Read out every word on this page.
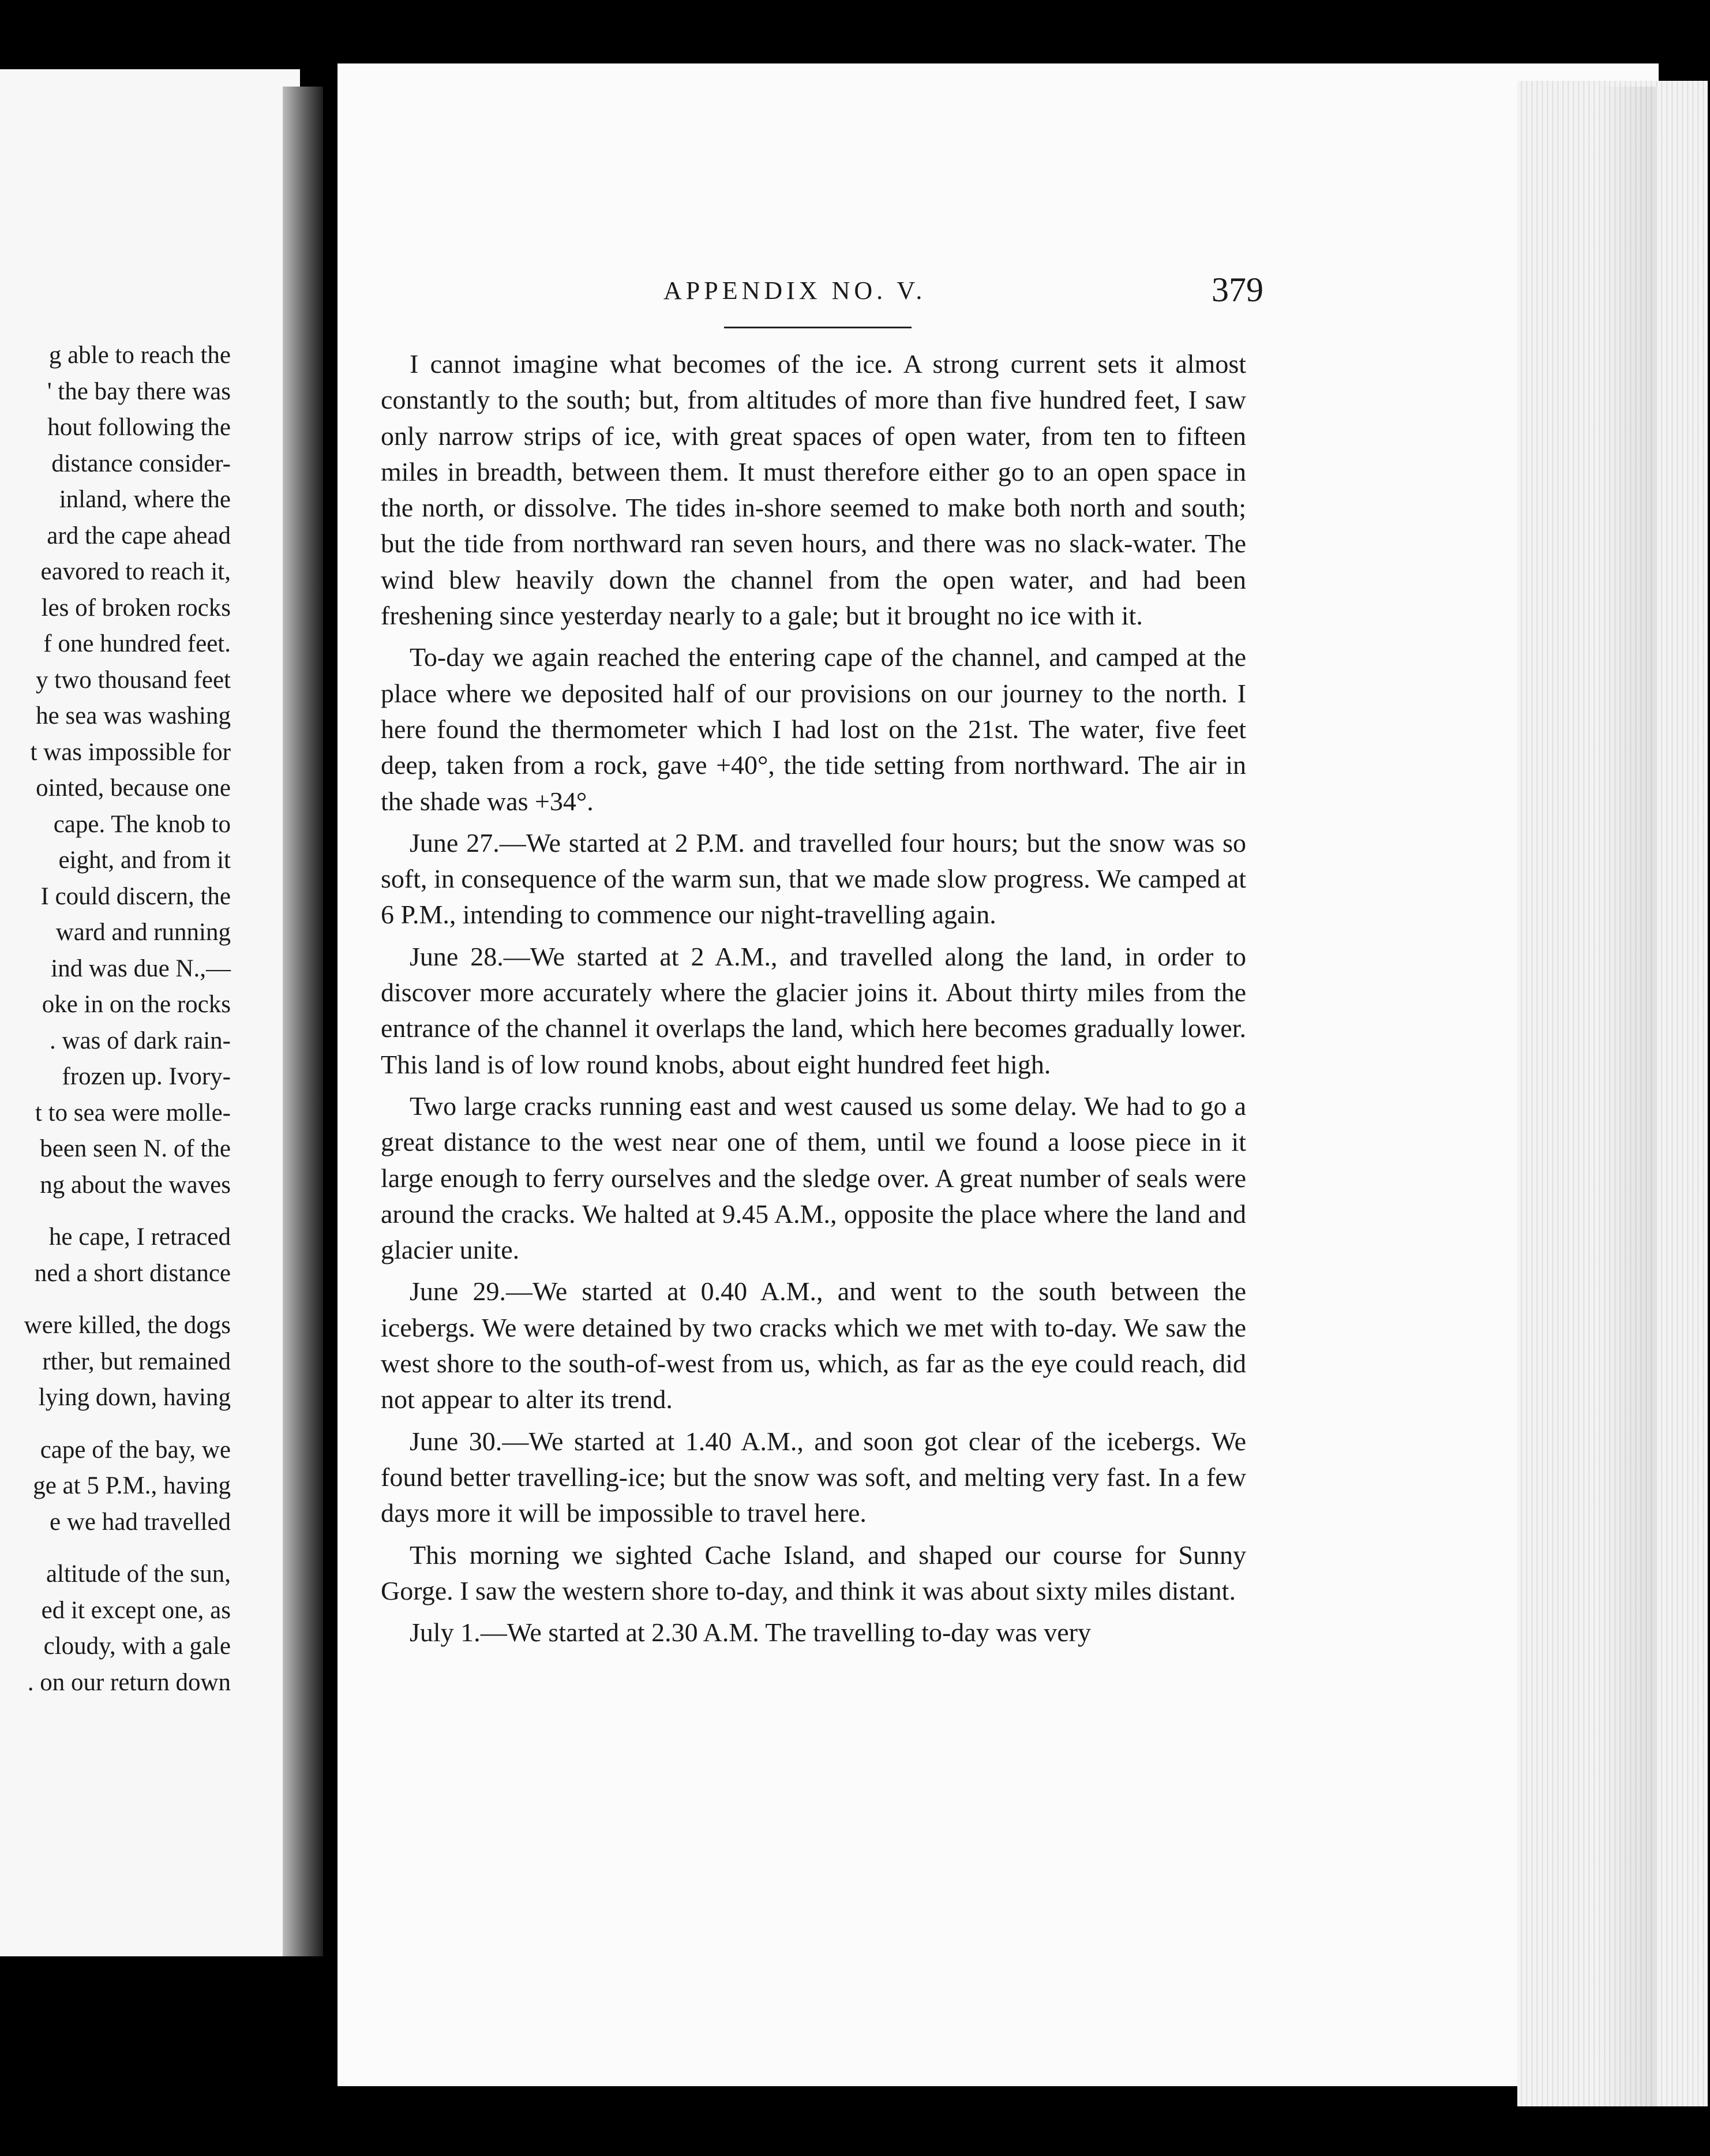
g able to reach the
' the bay there was
hout following the
distance consider-
inland, where the
ard the cape ahead
eavored to reach it,
les of broken rocks
f one hundred feet.
y two thousand feet
he sea was washing
t was impossible for
ointed, because one
cape. The knob to
eight, and from it
I could discern, the
ward and running
ind was due N.,—
oke in on the rocks
. was of dark rain-
frozen up. Ivory-
t to sea were molle-
been seen N. of the
ng about the waves
he cape, I retraced
ned a short distance
were killed, the dogs
rther, but remained
lying down, having
cape of the bay, we
ge at 5 P.M., having
e we had travelled
altitude of the sun,
ed it except one, as
cloudy, with a gale
. on our return down
APPENDIX NO. V.	379

I cannot imagine what becomes of the ice. A strong current sets it almost constantly to the south; but, from altitudes of more than five hundred feet, I saw only narrow strips of ice, with great spaces of open water, from ten to fifteen miles in breadth, between them. It must therefore either go to an open space in the north, or dissolve. The tides in-shore seemed to make both north and south; but the tide from northward ran seven hours, and there was no slack-water. The wind blew heavily down the channel from the open water, and had been freshening since yesterday nearly to a gale; but it brought no ice with it.

To-day we again reached the entering cape of the channel, and camped at the place where we deposited half of our provisions on our journey to the north. I here found the thermometer which I had lost on the 21st. The water, five feet deep, taken from a rock, gave +40°, the tide setting from northward. The air in the shade was +34°.

June 27.—We started at 2 P.M. and travelled four hours; but the snow was so soft, in consequence of the warm sun, that we made slow progress. We camped at 6 P.M., intending to commence our night-travelling again.

June 28.—We started at 2 A.M., and travelled along the land, in order to discover more accurately where the glacier joins it. About thirty miles from the entrance of the channel it overlaps the land, which here becomes gradually lower. This land is of low round knobs, about eight hundred feet high.

Two large cracks running east and west caused us some delay. We had to go a great distance to the west near one of them, until we found a loose piece in it large enough to ferry ourselves and the sledge over. A great number of seals were around the cracks. We halted at 9.45 A.M., opposite the place where the land and glacier unite.

June 29.—We started at 0.40 A.M., and went to the south between the icebergs. We were detained by two cracks which we met with to-day. We saw the west shore to the south-of-west from us, which, as far as the eye could reach, did not appear to alter its trend.

June 30.—We started at 1.40 A.M., and soon got clear of the icebergs. We found better travelling-ice; but the snow was soft, and melting very fast. In a few days more it will be impossible to travel here.

This morning we sighted Cache Island, and shaped our course for Sunny Gorge. I saw the western shore to-day, and think it was about sixty miles distant.

July 1.—We started at 2.30 A.M. The travelling to-day was very
